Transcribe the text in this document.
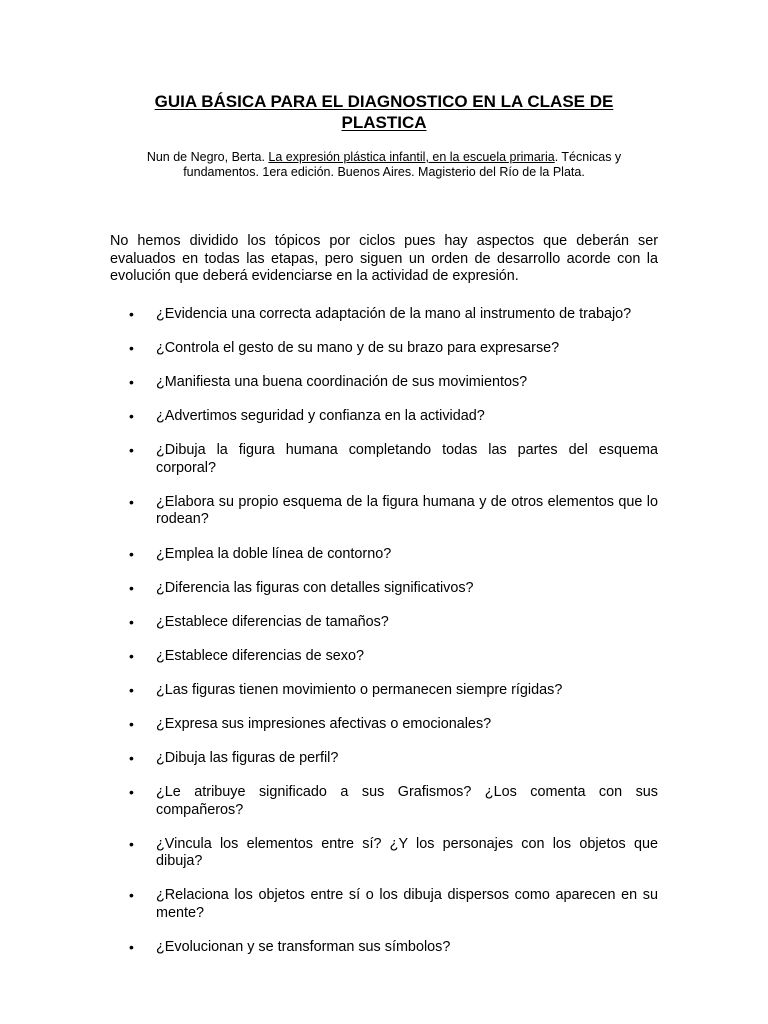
GUIA BÁSICA PARA EL DIAGNOSTICO EN LA CLASE DE PLASTICA
Nun de Negro, Berta. La expresión plástica infantil, en la escuela primaria. Técnicas y fundamentos. 1era edición. Buenos Aires. Magisterio del Río de la Plata.
No hemos dividido los tópicos por ciclos pues hay aspectos que deberán ser evaluados en todas las etapas, pero siguen un orden de desarrollo acorde con la evolución que deberá evidenciarse en la actividad de expresión.
•	¿Evidencia una correcta adaptación de la mano al instrumento de trabajo?
•	¿Controla el gesto de su mano y de su brazo para expresarse?
•	¿Manifiesta una buena coordinación de sus movimientos?
•	¿Advertimos seguridad y confianza en la actividad?
•	¿Dibuja la figura humana completando todas las partes del esquema corporal?
•	¿Elabora su propio esquema de la figura humana y de otros elementos que lo rodean?
•	¿Emplea la doble línea de contorno?
•	¿Diferencia las figuras con detalles significativos?
•	¿Establece diferencias de tamaños?
•	¿Establece diferencias de sexo?
•	¿Las figuras tienen movimiento o permanecen siempre rígidas?
•	¿Expresa sus impresiones afectivas o emocionales?
•	¿Dibuja las figuras de perfil?
•	¿Le atribuye significado a sus Grafismos? ¿Los comenta con sus compañeros?
•	¿Vincula los elementos entre sí? ¿Y los personajes con los objetos que dibuja?
•	¿Relaciona los objetos entre sí o los dibuja dispersos como aparecen en su mente?
•	¿Evolucionan y se transforman sus símbolos?
